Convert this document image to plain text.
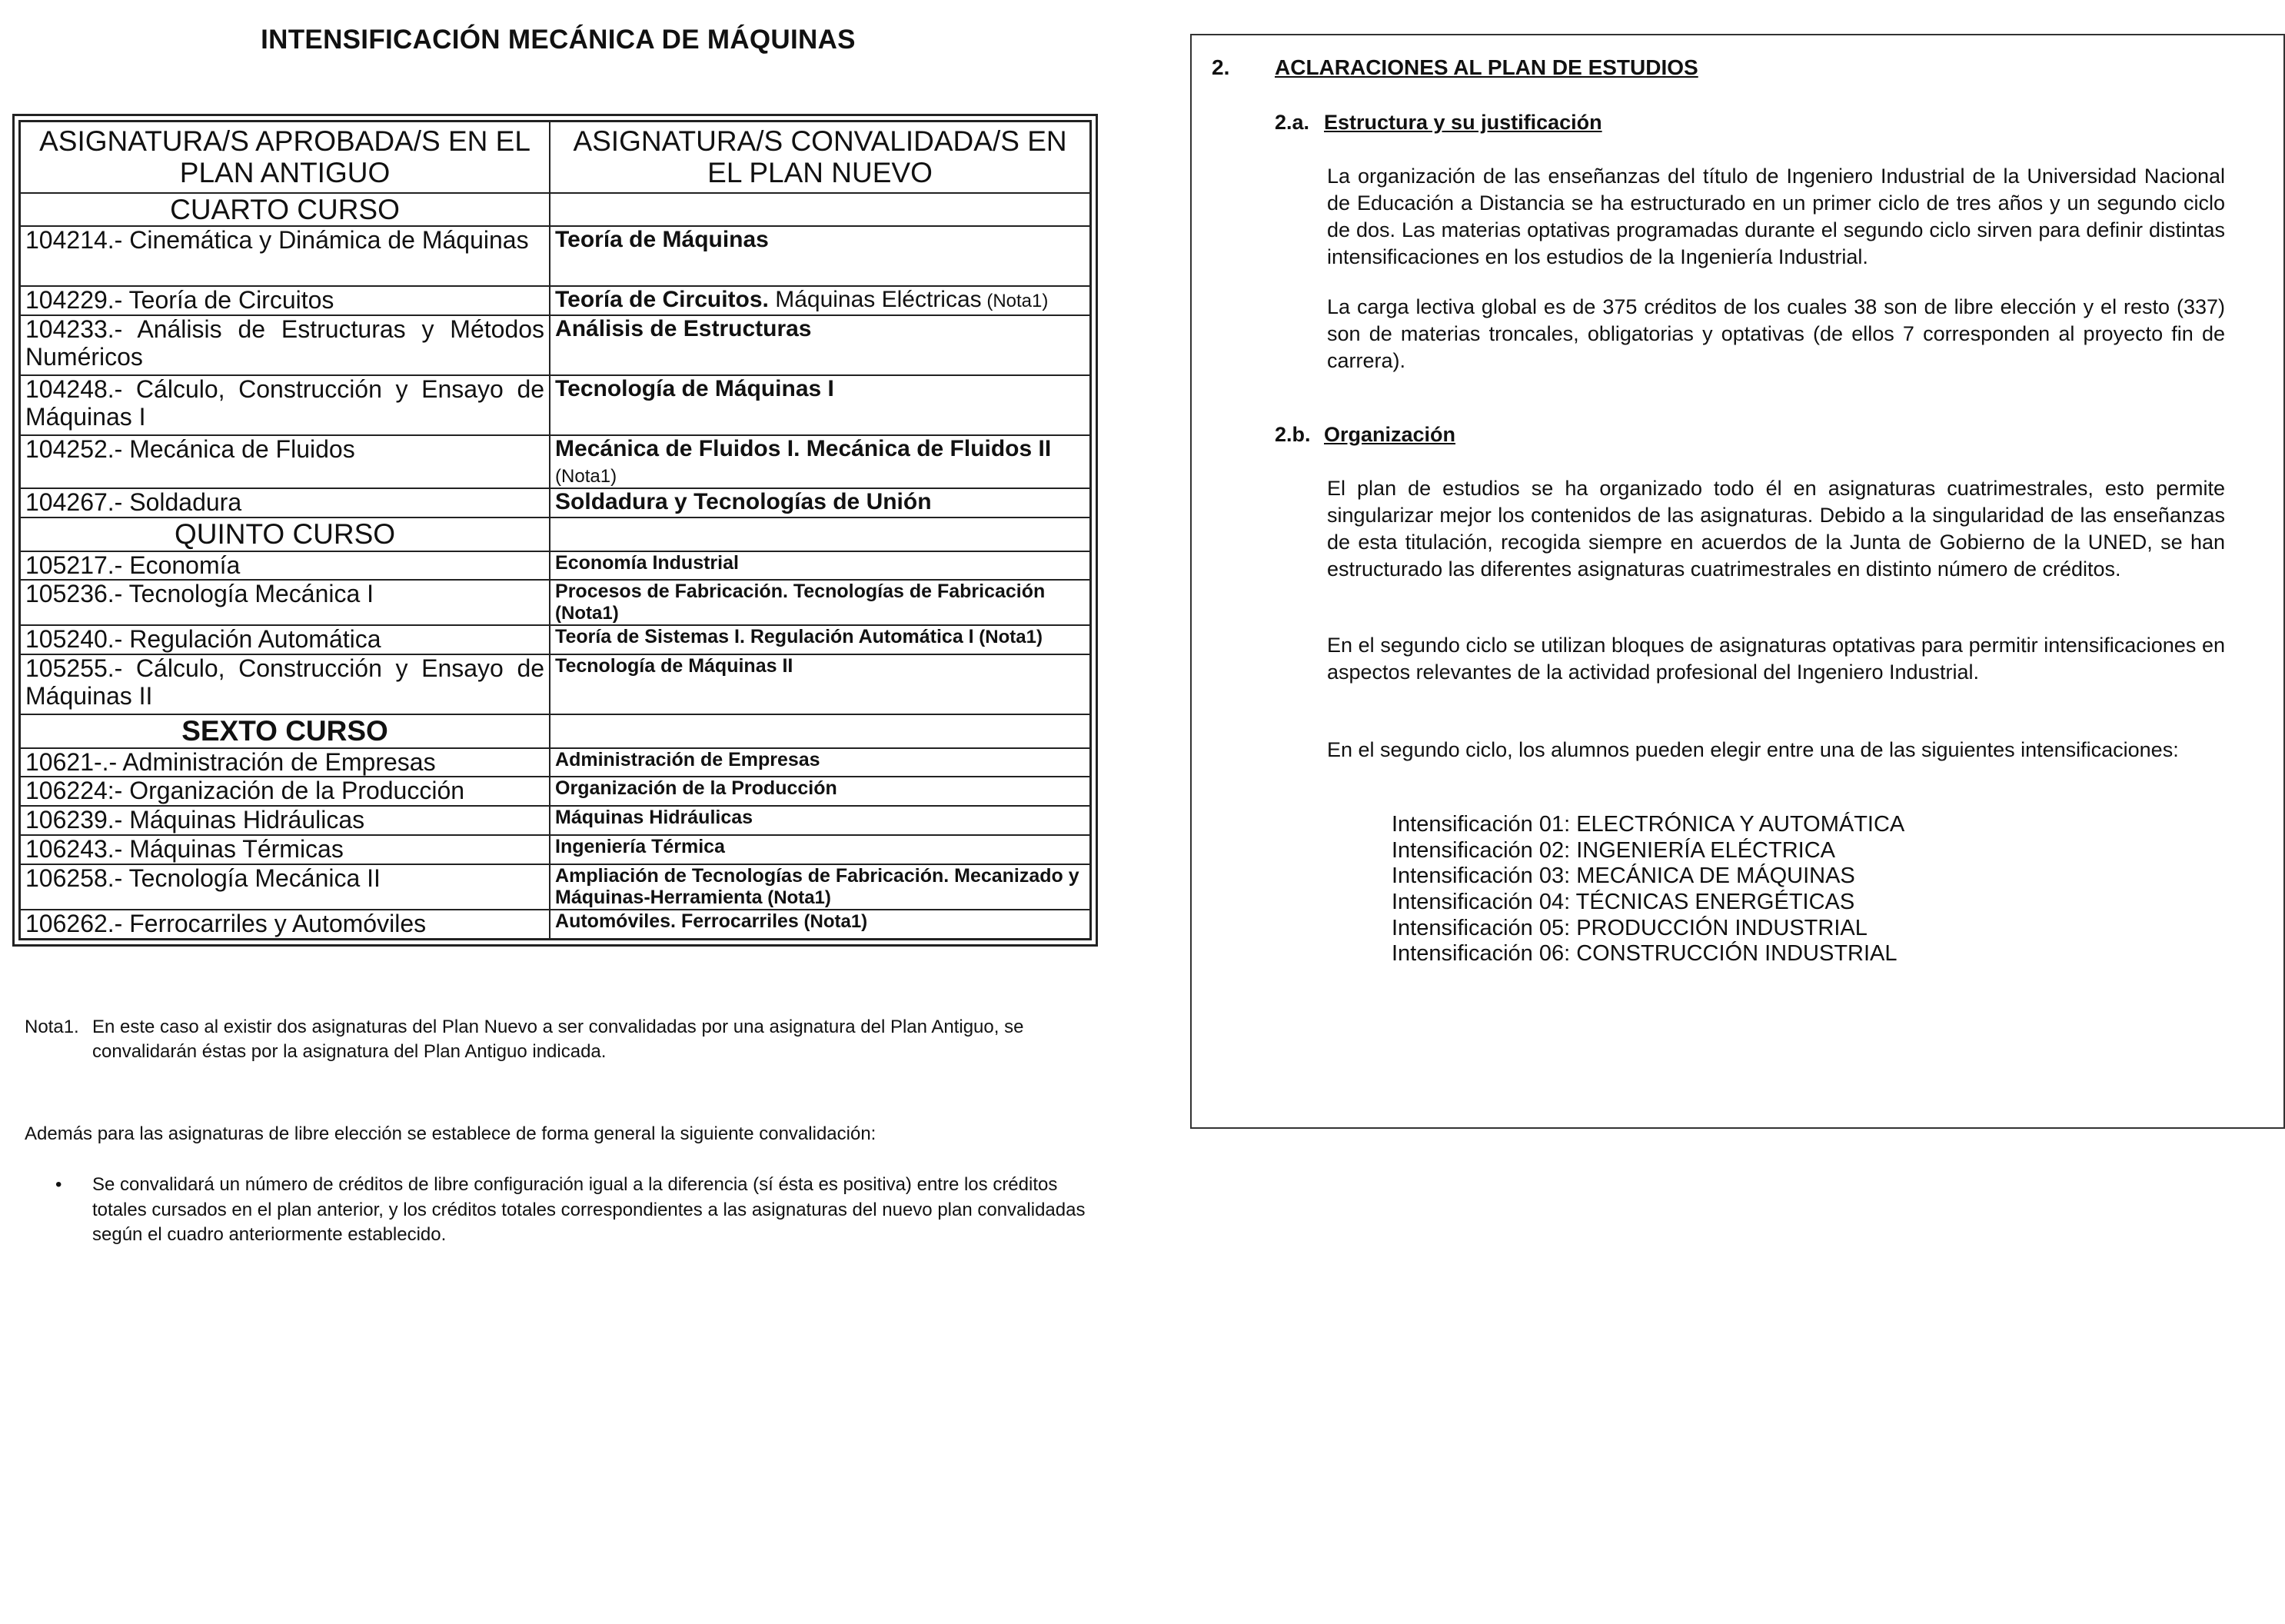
INTENSIFICACIÓN MECÁNICA DE MÁQUINAS
ASIGNATURA/S APROBADA/S EN EL PLAN ANTIGUO	ASIGNATURA/S CONVALIDADA/S EN EL PLAN NUEVO
CUARTO CURSO	
104214.- Cinemática y Dinámica de Máquinas	Teoría de Máquinas
104229.- Teoría de Circuitos	Teoría de Circuitos. Máquinas Eléctricas (Nota1)
104233.- Análisis de Estructuras y Métodos Numéricos	Análisis de Estructuras
104248.- Cálculo, Construcción y Ensayo de Máquinas I	Tecnología de Máquinas I
104252.- Mecánica de Fluidos	Mecánica de Fluidos I. Mecánica de Fluidos II
(Nota1)
104267.- Soldadura	Soldadura y Tecnologías de Unión
QUINTO CURSO	
105217.- Economía	Economía Industrial
105236.- Tecnología Mecánica I	Procesos de Fabricación. Tecnologías de Fabricación
(Nota1)
105240.- Regulación Automática	Teoría de Sistemas I. Regulación Automática I (Nota1)
105255.- Cálculo, Construcción y Ensayo de Máquinas II	Tecnología de Máquinas II
SEXTO CURSO	
10621-.- Administración de Empresas	Administración de Empresas
106224:- Organización de la Producción	Organización de la Producción
106239.- Máquinas Hidráulicas	Máquinas Hidráulicas
106243.- Máquinas Térmicas	Ingeniería Térmica
106258.- Tecnología Mecánica II	Ampliación de Tecnologías de Fabricación. Mecanizado y Máquinas-Herramienta (Nota1)
106262.- Ferrocarriles y Automóviles	Automóviles. Ferrocarriles (Nota1)

Nota1. En este caso al existir dos asignaturas del Plan Nuevo a ser convalidadas por una asignatura del Plan Antiguo, se convalidarán éstas por la asignatura del Plan Antiguo indicada.

Además para las asignaturas de libre elección se establece de forma general la siguiente convalidación:

•	Se convalidará un número de créditos de libre configuración igual a la diferencia (sí ésta es positiva) entre los créditos totales cursados en el plan anterior, y los créditos totales correspondientes a las asignaturas del nuevo plan convalidadas según el cuadro anteriormente establecido.

2. ACLARACIONES AL PLAN DE ESTUDIOS
2.a. Estructura y su justificación
La organización de las enseñanzas del título de Ingeniero Industrial de la Universidad Nacional de Educación a Distancia se ha estructurado en un primer ciclo de tres años y un segundo ciclo de dos. Las materias optativas programadas durante el segundo ciclo sirven para definir distintas intensificaciones en los estudios de la Ingeniería Industrial.
La carga lectiva global es de 375 créditos de los cuales 38 son de libre elección y el resto (337) son de materias troncales, obligatorias y optativas (de ellos 7 corresponden al proyecto fin de carrera).
2.b. Organización
El plan de estudios se ha organizado todo él en asignaturas cuatrimestrales, esto permite singularizar mejor los contenidos de las asignaturas. Debido a la singularidad de las enseñanzas de esta titulación, recogida siempre en acuerdos de la Junta de Gobierno de la UNED, se han estructurado las diferentes asignaturas cuatrimestrales en distinto número de créditos.
En el segundo ciclo se utilizan bloques de asignaturas optativas para permitir intensificaciones en aspectos relevantes de la actividad profesional del Ingeniero Industrial.
En el segundo ciclo, los alumnos pueden elegir entre una de las siguientes intensificaciones:
Intensificación 01: ELECTRÓNICA Y AUTOMÁTICA
Intensificación 02: INGENIERÍA ELÉCTRICA
Intensificación 03: MECÁNICA DE MÁQUINAS
Intensificación 04: TÉCNICAS ENERGÉTICAS
Intensificación 05: PRODUCCIÓN INDUSTRIAL
Intensificación 06: CONSTRUCCIÓN INDUSTRIAL
